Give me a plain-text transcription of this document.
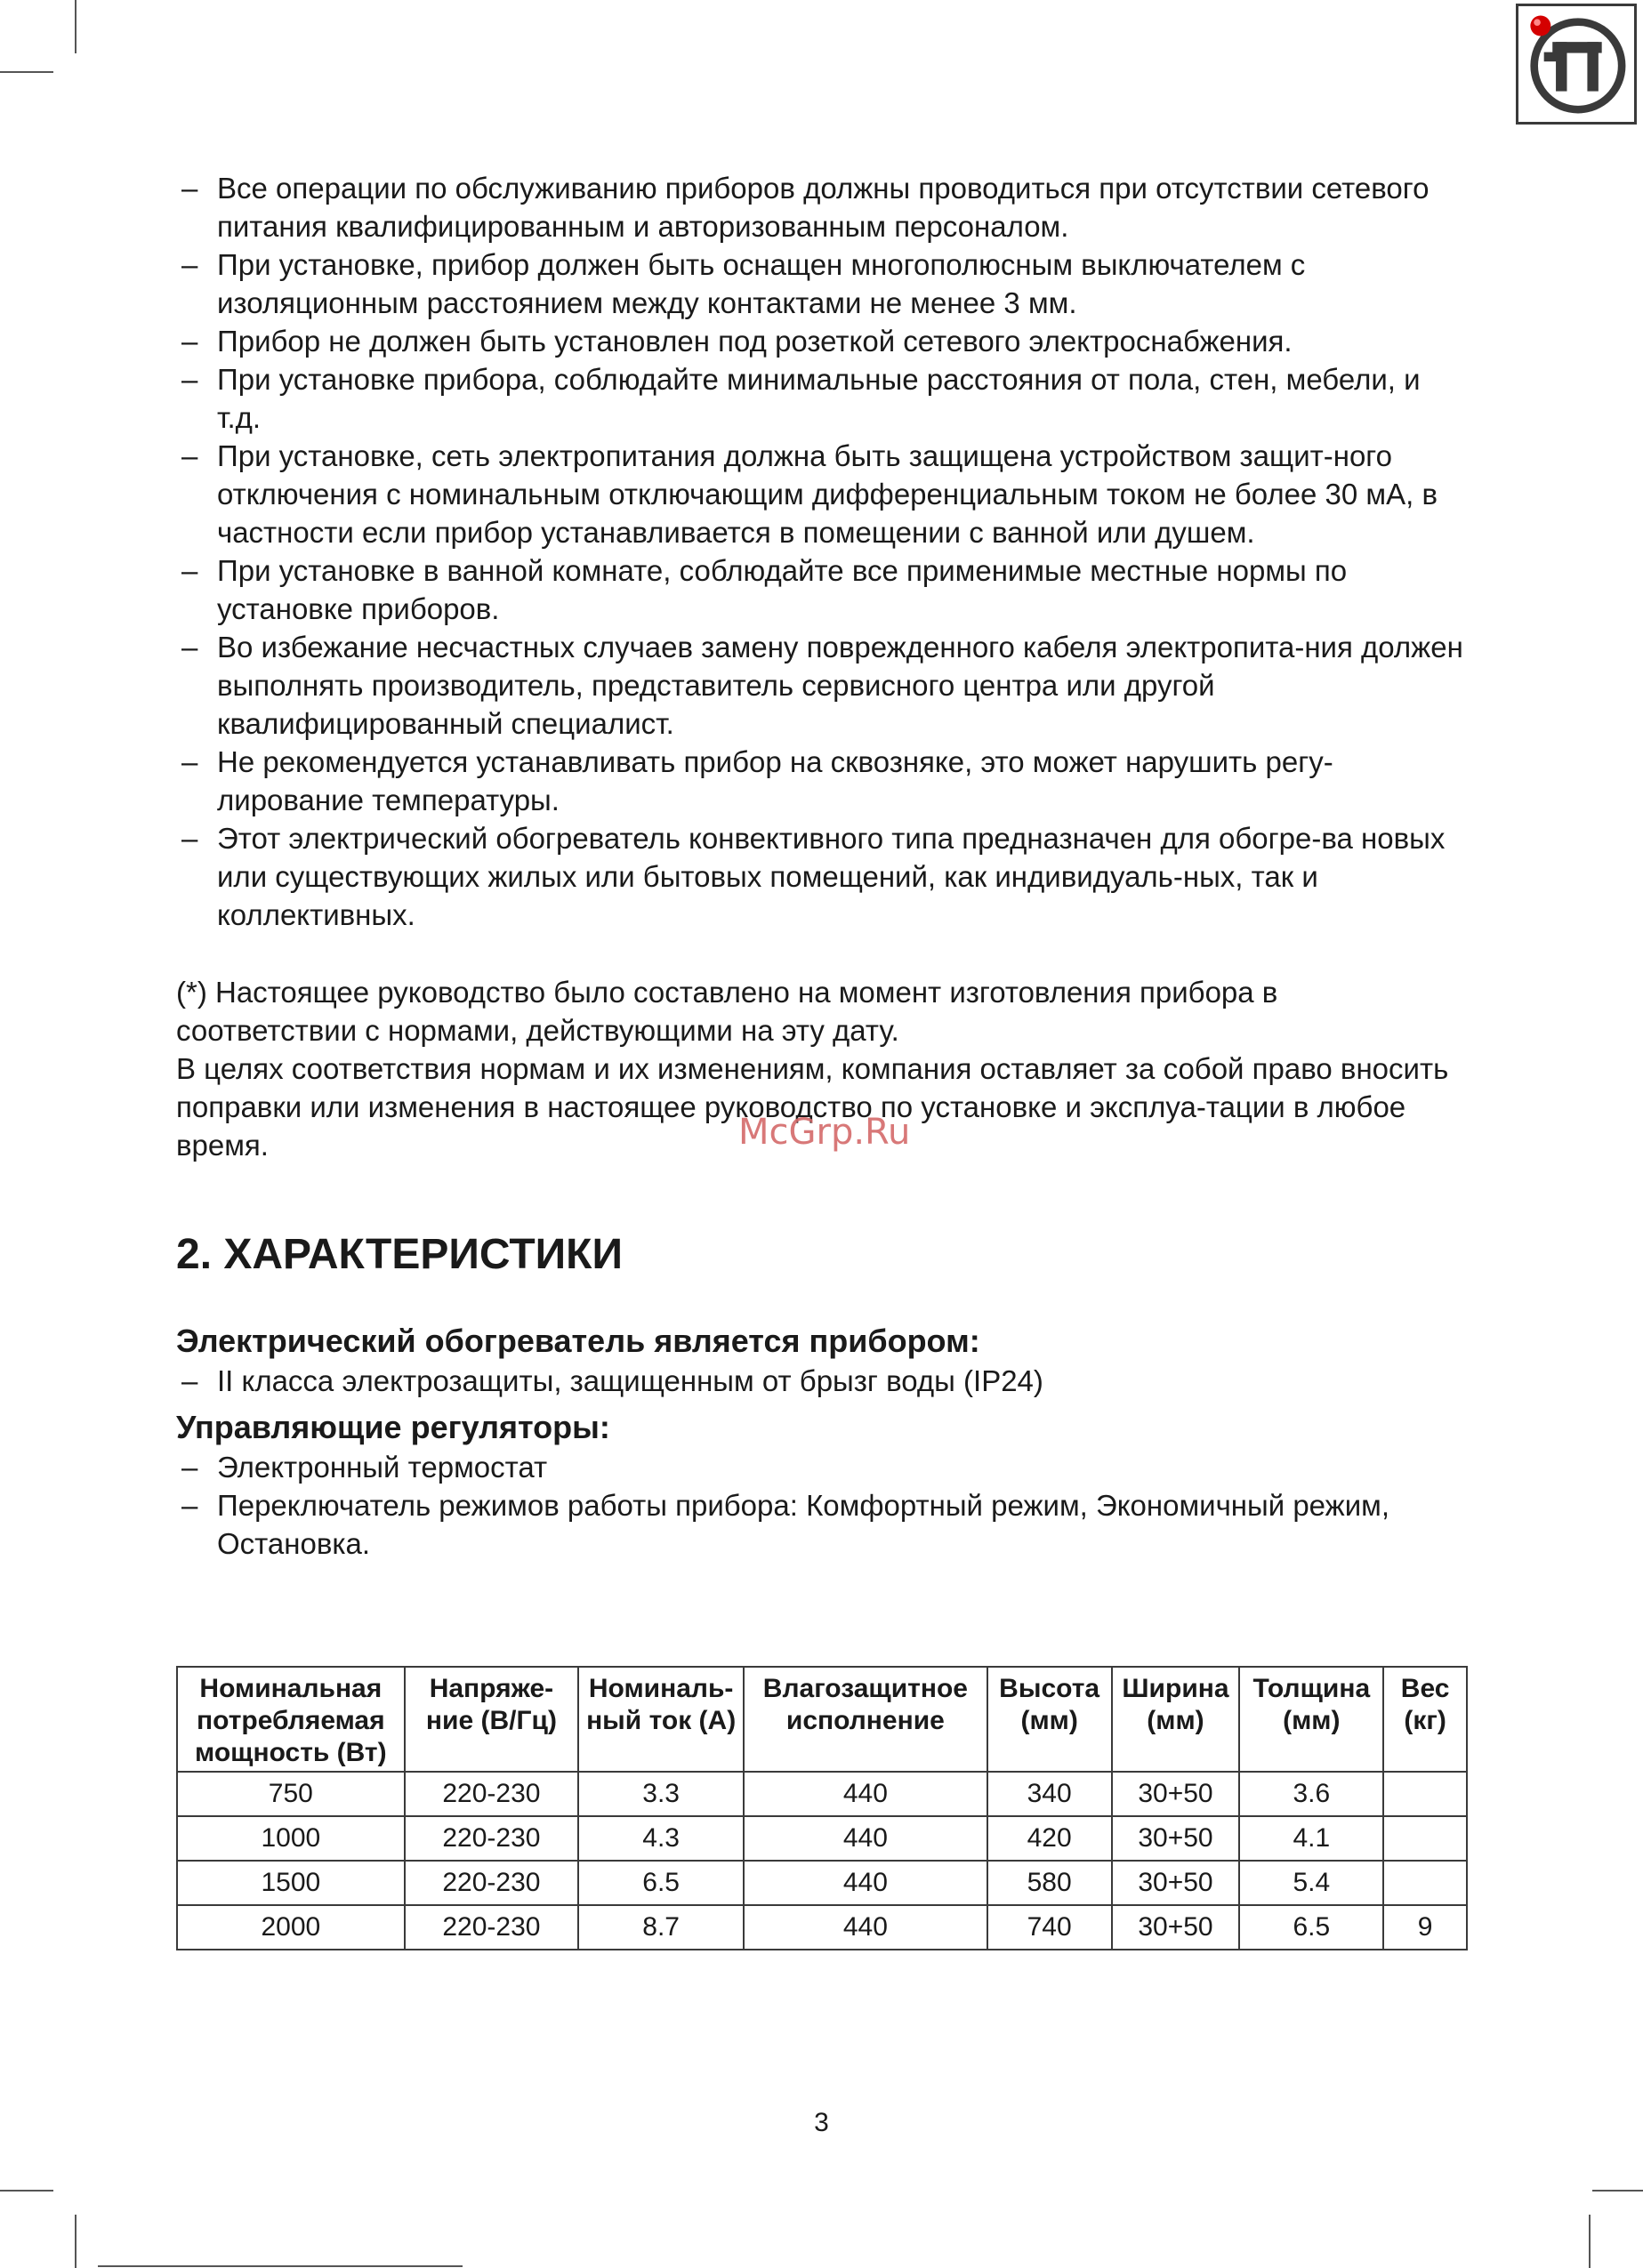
– Все операции по обслуживанию приборов должны проводиться при отсутствии сетевого питания квалифицированным и авторизованным персоналом.
– При установке, прибор должен быть оснащен многополюсным выключателем с изоляционным расстоянием между контактами не менее 3 мм.
– Прибор не должен быть установлен под розеткой сетевого электроснабжения.
– При установке прибора, соблюдайте минимальные расстояния от пола, стен, мебели, и т.д.
– При установке, сеть электропитания должна быть защищена устройством защит-ного отключения с номинальным отключающим дифференциальным током не более 30 мА, в частности если прибор устанавливается в помещении с ванной или душем.
– При установке в ванной комнате, соблюдайте все применимые местные нормы по установке приборов.
– Во избежание несчастных случаев замену поврежденного кабеля электропита-ния должен выполнять производитель, представитель сервисного центра или другой квалифицированный специалист.
– Не рекомендуется устанавливать прибор на сквозняке, это может нарушить регу-лирование температуры.
– Этот электрический обогреватель конвективного типа предназначен для обогре-ва новых или существующих жилых или бытовых помещений, как индивидуаль-ных, так и коллективных.

(*) Настоящее руководство было составлено на момент изготовления прибора в соответствии с нормами, действующими на эту дату.

В целях соответствия нормам и их изменениям, компания оставляет за собой право вносить поправки или изменения в настоящее руководство по установке и эксплуа-тации в любое время.

2. ХАРАКТЕРИСТИКИ
Электрический обогреватель является прибором:
– II класса электрозащиты, защищенным от брызг воды (IP24)
Управляющие регуляторы:
– Электронный термостат
– Переключатель режимов работы прибора: Комфортный режим, Экономичный режим, Остановка.
McGrp.Ru
Номинальная потребляемая мощность (Вт)	Напряже-ние (В/Гц)	Номиналь-ный ток (А)	Влагозащитное исполнение	Высота (мм)	Ширина (мм)	Толщина (мм)	Вес (кг)
750	220-230	3.3	440	340	30+50	3.6	
1000	220-230	4.3	440	420	30+50	4.1	
1500	220-230	6.5	440	580	30+50	5.4	
2000	220-230	8.7	440	740	30+50	6.5	9
3
